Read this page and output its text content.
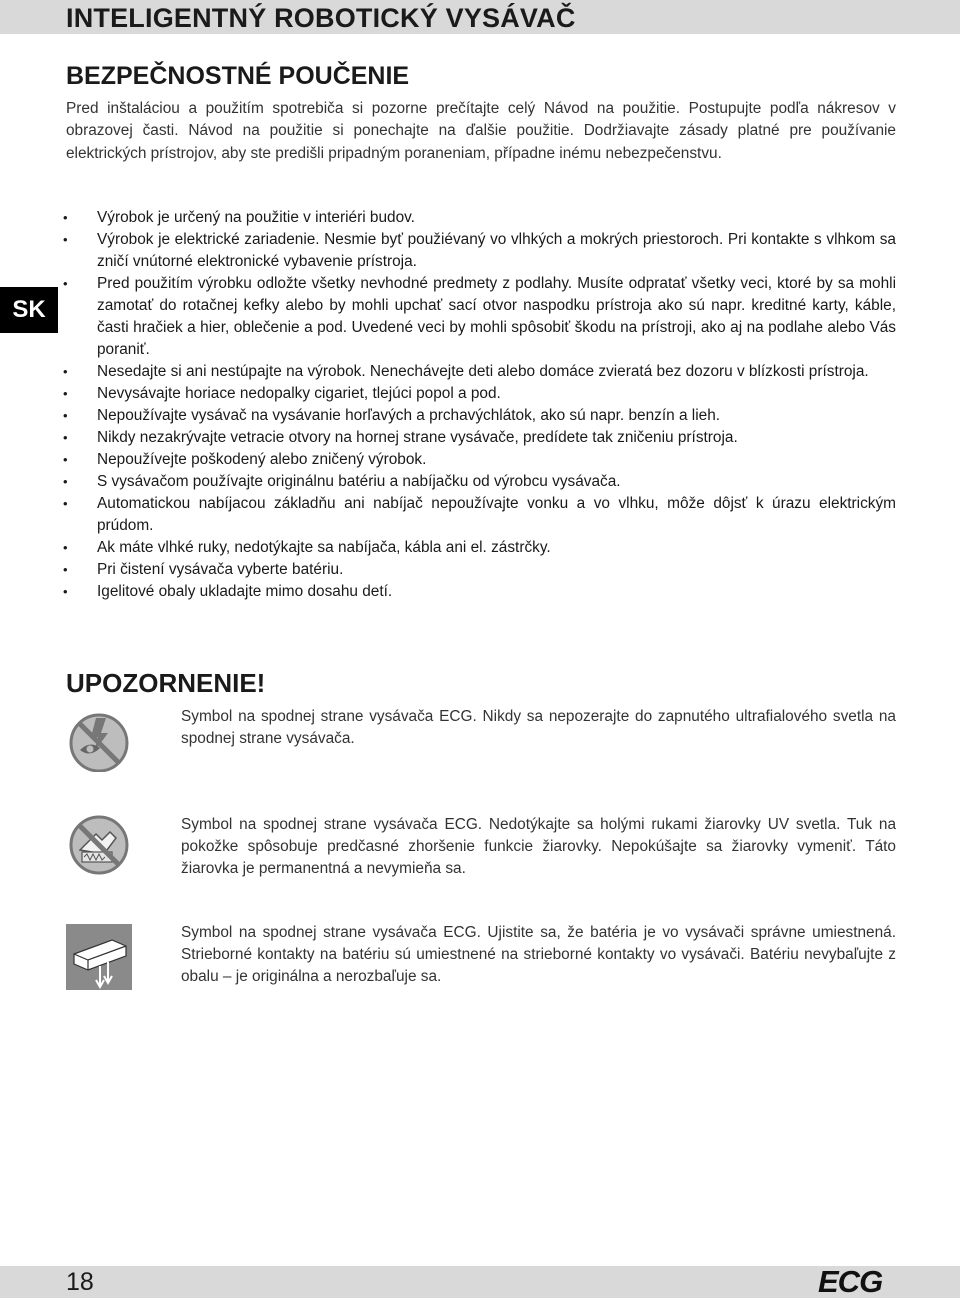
INTELIGENTNÝ ROBOTICKÝ VYSÁVAČ
SK
BEZPEČNOSTNÉ POUČENIE

Pred inštaláciou a použitím spotrebiča si pozorne prečítajte celý Návod na použitie. Postupujte podľa nákresov v obrazovej časti. Návod na použitie si ponechajte na ďalšie použitie. Dodržiavajte zásady platné pre používanie elektrických prístrojov, aby ste predišli pripadným poraneniam, případne inému nebezpečenstvu.

• Výrobok je určený na použitie v interiéri budov.
• Výrobok je elektrické zariadenie. Nesmie byť použiévaný vo vlhkých a mokrých priestoroch. Pri kontakte s vlhkom sa zničí vnútorné elektronické vybavenie prístroja.
• Pred použitím výrobku odložte všetky nevhodné predmety z podlahy. Musíte odpratať všetky veci, ktoré by sa mohli zamotať do rotačnej kefky alebo by mohli upchať sací otvor naspodku prístroja ako sú napr. kreditné karty, káble, časti hračiek a hier, oblečenie a pod. Uvedené veci by mohli spôsobiť škodu na prístroji, ako aj na podlahe alebo Vás poraniť.
• Nesedajte si ani nestúpajte na výrobok. Nenechávejte deti alebo domáce zvieratá bez dozoru v blízkosti prístroja.
• Nevysávajte horiace nedopalky cigariet, tlejúci popol a pod.
• Nepoužívajte vysávač na vysávanie horľavých a prchavýchlátok, ako sú napr. benzín a lieh.
• Nikdy nezakrývajte vetracie otvory na hornej strane vysávače, predídete tak zničeniu prístroja.
• Nepoužívejte poškodený alebo zničený výrobok.
• S vysávačom používajte originálnu batériu a nabíjačku od výrobcu vysávača.
• Automatickou nabíjacou základňu ani nabíjač nepoužívajte vonku a vo vlhku, môže dôjsť k úrazu elektrickým prúdom.
• Ak máte vlhké ruky, nedotýkajte sa nabíjača, kábla ani el. zástrčky.
• Pri čistení vysávača vyberte batériu.
• Igelitové obaly ukladajte mimo dosahu detí.
UPOZORNENIE!

Symbol na spodnej strane vysávača ECG. Nikdy sa nepozerajte do zapnutého ultrafialového svetla na spodnej strane vysávača.

Symbol na spodnej strane vysávača ECG. Nedotýkajte sa holými rukami žiarovky UV svetla. Tuk na pokožke spôsobuje predčasné zhoršenie funkcie žiarovky. Nepokúšajte sa žiarovky vymeniť. Táto žiarovka je permanentná a nevymieňa sa.

Symbol na spodnej strane vysávača ECG. Ujistite sa, že batéria je vo vysávači správne umiestnená. Strieborné kontakty na batériu sú umiestnené na strieborné kontakty vo vysávači. Batériu nevybaľujte z obalu – je originálna a nerozbaľuje sa.

18	ECG
